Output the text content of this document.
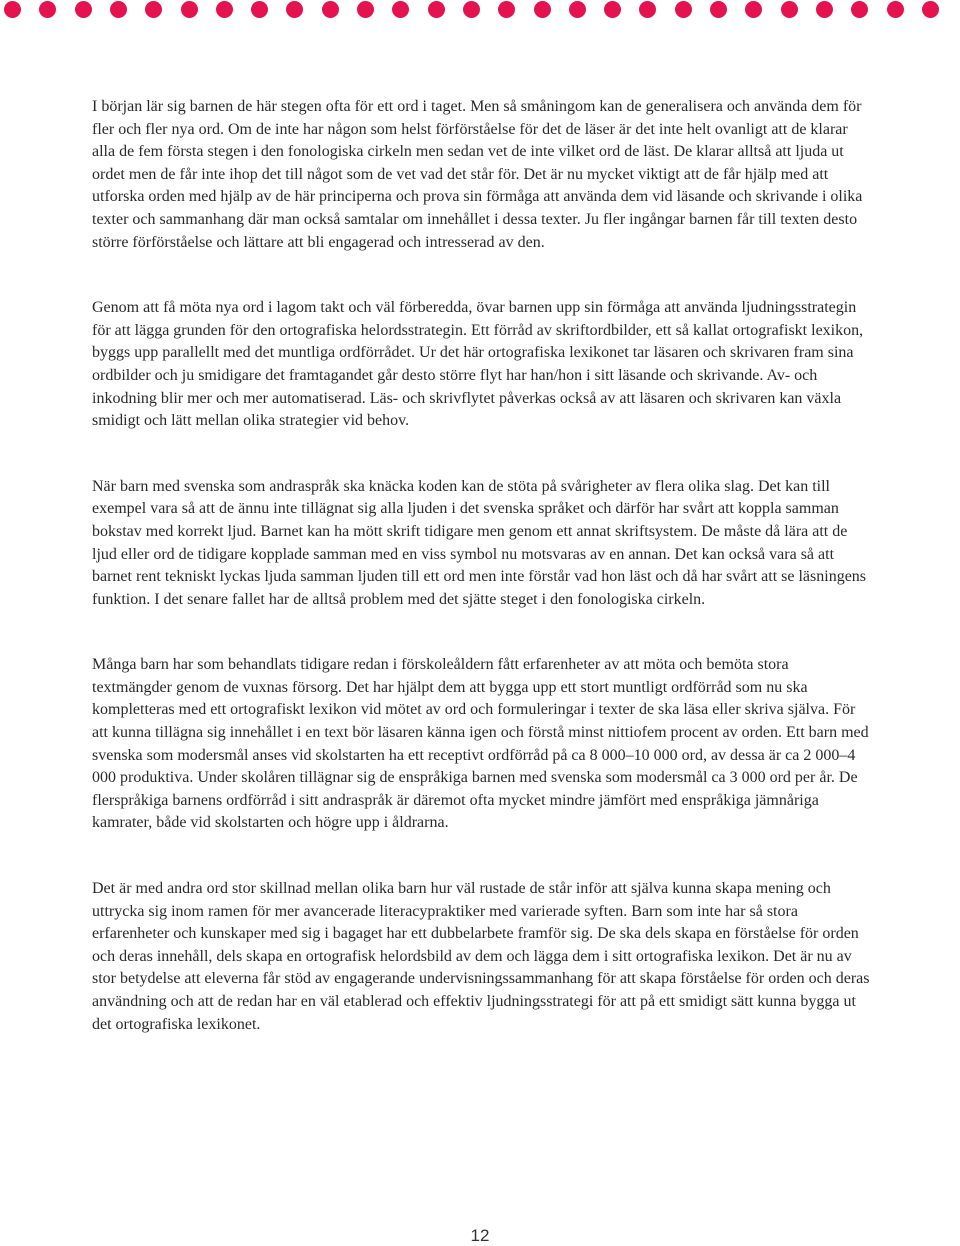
I början lär sig barnen de här stegen ofta för ett ord i taget. Men så småningom kan de generalisera och använda dem för fler och fler nya ord. Om de inte har någon som helst förförståelse för det de läser är det inte helt ovanligt att de klarar alla de fem första stegen i den fonologiska cirkeln men sedan vet de inte vilket ord de läst. De klarar alltså att ljuda ut ordet men de får inte ihop det till något som de vet vad det står för. Det är nu mycket viktigt att de får hjälp med att utforska orden med hjälp av de här principerna och prova sin förmåga att använda dem vid läsande och skrivande i olika texter och sammanhang där man också samtalar om innehållet i dessa texter. Ju fler ingångar barnen får till texten desto större förförståelse och lättare att bli engagerad och intresserad av den.

Genom att få möta nya ord i lagom takt och väl förberedda, övar barnen upp sin förmåga att använda ljudningsstrategin för att lägga grunden för den ortografiska helordsstrategin. Ett förråd av skriftordbilder, ett så kallat ortografiskt lexikon, byggs upp parallellt med det muntliga ordförrådet. Ur det här ortografiska lexikonet tar läsaren och skrivaren fram sina ordbilder och ju smidigare det framtagandet går desto större flyt har han/hon i sitt läsande och skrivande. Av- och inkodning blir mer och mer automatiserad. Läs- och skrivflytet påverkas också av att läsaren och skrivaren kan växla smidigt och lätt mellan olika strategier vid behov.

När barn med svenska som andraspråk ska knäcka koden kan de stöta på svårigheter av flera olika slag. Det kan till exempel vara så att de ännu inte tillägnat sig alla ljuden i det svenska språket och därför har svårt att koppla samman bokstav med korrekt ljud. Barnet kan ha mött skrift tidigare men genom ett annat skriftsystem. De måste då lära att de ljud eller ord de tidigare kopplade samman med en viss symbol nu motsvaras av en annan. Det kan också vara så att barnet rent tekniskt lyckas ljuda samman ljuden till ett ord men inte förstår vad hon läst och då har svårt att se läsningens funktion. I det senare fallet har de alltså problem med det sjätte steget i den fonologiska cirkeln.

Många barn har som behandlats tidigare redan i förskoleåldern fått erfarenheter av att möta och bemöta stora textmängder genom de vuxnas försorg. Det har hjälpt dem att bygga upp ett stort muntligt ordförråd som nu ska kompletteras med ett ortografiskt lexikon vid mötet av ord och formuleringar i texter de ska läsa eller skriva själva. För att kunna tillägna sig innehållet i en text bör läsaren känna igen och förstå minst nittiofem procent av orden. Ett barn med svenska som modersmål anses vid skolstarten ha ett receptivt ordförråd på ca 8 000–10 000 ord, av dessa är ca 2 000–4 000 produktiva. Under skolåren tillägnar sig de enspråkiga barnen med svenska som modersmål ca 3 000 ord per år. De flerspråkiga barnens ordförråd i sitt andraspråk är däremot ofta mycket mindre jämfört med enspråkiga jämnåriga kamrater, både vid skolstarten och högre upp i åldrarna.

Det är med andra ord stor skillnad mellan olika barn hur väl rustade de står inför att själva kunna skapa mening och uttrycka sig inom ramen för mer avancerade literacypraktiker med varierade syften. Barn som inte har så stora erfarenheter och kunskaper med sig i bagaget har ett dubbelarbete framför sig. De ska dels skapa en förståelse för orden och deras innehåll, dels skapa en ortografisk helordsbild av dem och lägga dem i sitt ortografiska lexikon. Det är nu av stor betydelse att eleverna får stöd av engagerande undervisningssammanhang för att skapa förståelse för orden och deras användning och att de redan har en väl etablerad och effektiv ljudningsstrategi för att på ett smidigt sätt kunna bygga ut det ortografiska lexikonet.

12
